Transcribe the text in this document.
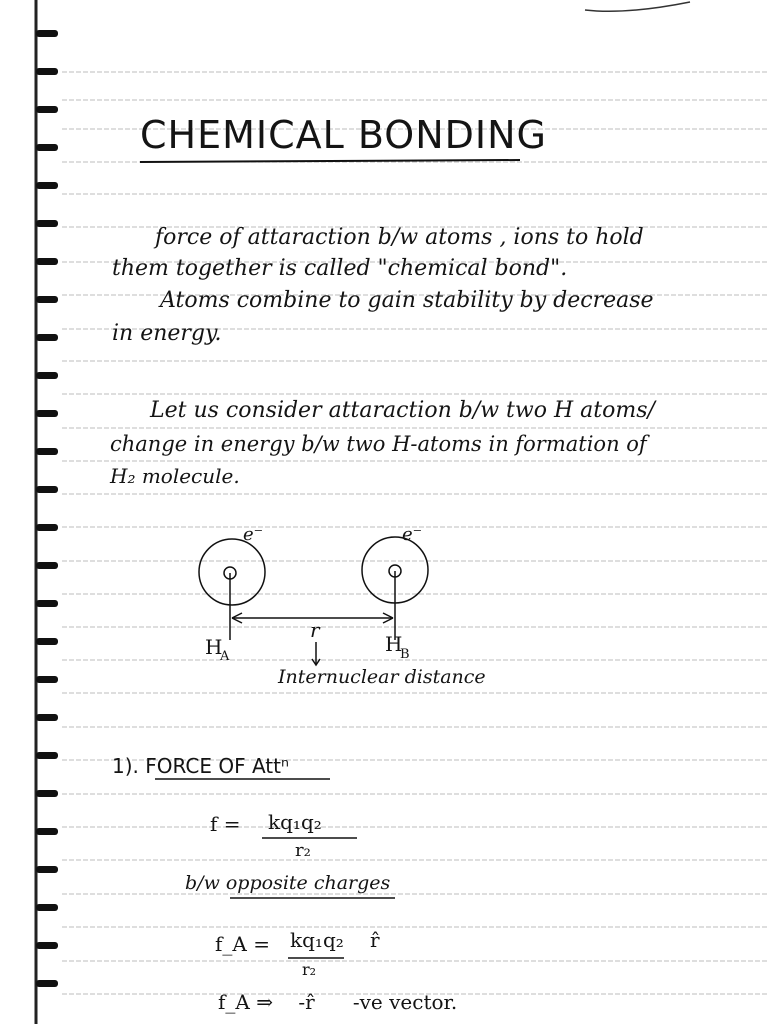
CHEMICAL BONDING
force of attaraction b/w atoms , ions to hold
them together is called "chemical bond".
Atoms combine to gain stability by decrease
in energy.
Let us consider attaraction b/w two H atoms/
change in energy b/w two H-atoms in formation of
H₂ molecule.
e⁻	e⁻
r
H
A
H
B
Internuclear distance
1). FORCE OF Attⁿ
f = kq₁q₂
r₂
b/w opposite charges
f_A = kq₁q₂
r₂
r̂
f_A ⇒    -r̂      -ve vector.
